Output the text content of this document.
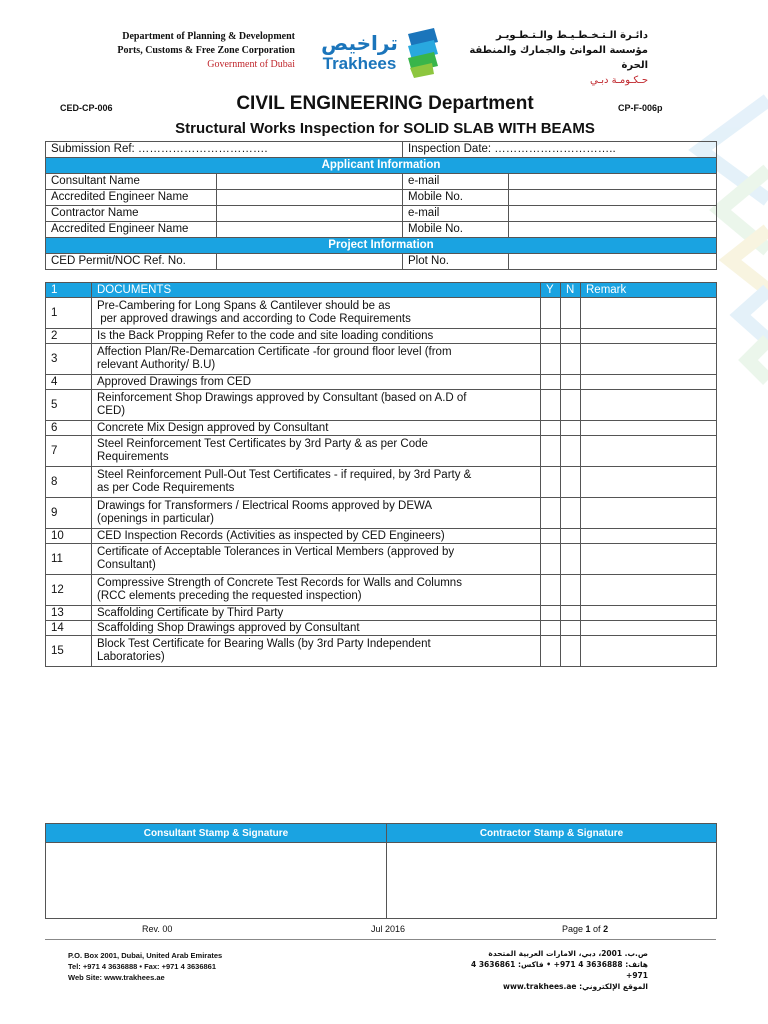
Department of Planning & Development
Ports, Customs & Free Zone Corporation
Government of Dubai
تراخيص
Trakhees
دائـرة الـتـخـطـيـط والـتـطـويـر
مؤسسة الموانئ والجمارك والمنطقة الحرة
حـكـومـة دبـي
CED-CP-006	CP-F-006p
CIVIL ENGINEERING Department
Structural Works Inspection for SOLID SLAB WITH BEAMS
Submission Ref: …………………………….		Inspection Date: …………………………..	
Applicant Information			
Consultant Name		e-mail	
Accredited Engineer Name		Mobile No.	
Contractor Name		e-mail	
Accredited Engineer Name		Mobile No.	
Project Information			
CED Permit/NOC Ref. No.		Plot No.	
1	DOCUMENTS	Y	N	Remark
1	Pre-Cambering for Long Spans & Cantilever should be as
per approved drawings and according to Code Requirements			

2	Is the Back Propping Refer to the code and site loading conditions			

3	Affection Plan/Re-Demarcation Certificate -for ground floor level (from
relevant Authority/ B.U)			

4	Approved Drawings from CED			

5	Reinforcement Shop Drawings approved by Consultant (based on A.D of
CED)			

6	Concrete Mix Design approved by Consultant			

7	Steel Reinforcement Test Certificates by 3rd Party & as per Code
Requirements			

8	Steel Reinforcement Pull-Out Test Certificates - if required, by 3rd Party &
as per Code Requirements			

9	Drawings for Transformers / Electrical Rooms approved by DEWA
(openings in particular)			

10	CED Inspection Records (Activities as inspected by CED Engineers)			

11	Certificate of Acceptable Tolerances in Vertical Members (approved by
Consultant)			

12	Compressive Strength of Concrete Test Records for Walls and Columns
(RCC elements preceding the requested inspection)			

13	Scaffolding Certificate by Third Party			

14	Scaffolding Shop Drawings approved by Consultant			

15	Block Test Certificate for Bearing Walls (by 3rd Party Independent
Laboratories)			

Consultant Stamp & Signature	Contractor Stamp & Signature

Rev. 00	Jul 2016	Page 1 of 2
P.O. Box 2001, Dubai, United Arab Emirates
Tel: +971 4 3636888 • Fax: +971 4 3636861
Web Site: www.trakhees.ae
ص.ب. 2001، دبي، الامارات العربية المتحدة
هاتف: 3636888 4 971+ • فاكس: 3636861 4 971+
الموقع الإلكتروني: www.trakhees.ae
